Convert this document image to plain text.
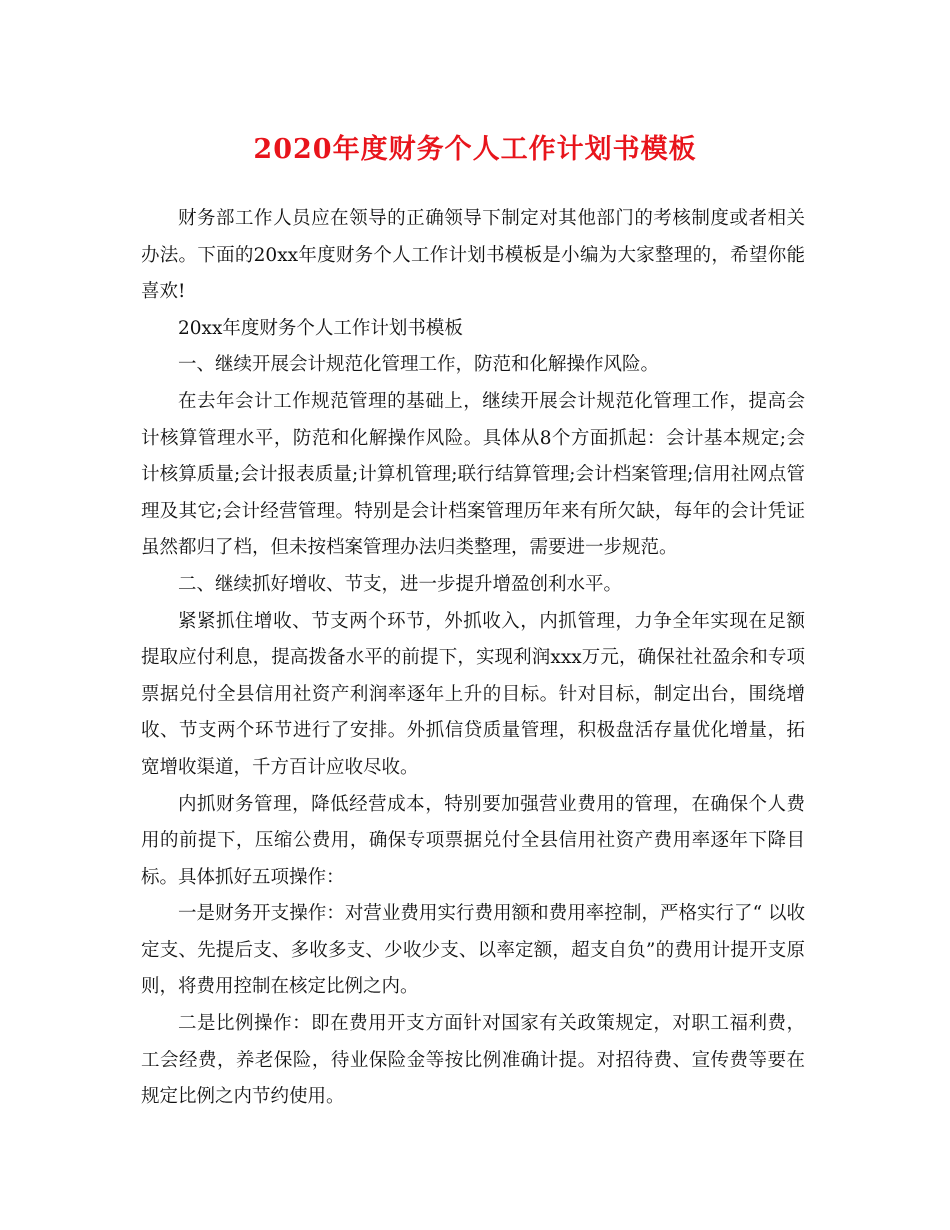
2020年度财务个人工作计划书模板

财务部工作人员应在领导的正确领导下制定对其他部门的考核制度或者相关办法。下面的20xx年度财务个人工作计划书模板是小编为大家整理的，希望你能喜欢!

20xx年度财务个人工作计划书模板

一、继续开展会计规范化管理工作，防范和化解操作风险。

在去年会计工作规范管理的基础上，继续开展会计规范化管理工作，提高会计核算管理水平，防范和化解操作风险。具体从8个方面抓起：会计基本规定;会计核算质量;会计报表质量;计算机管理;联行结算管理;会计档案管理;信用社网点管理及其它;会计经营管理。特别是会计档案管理历年来有所欠缺，每年的会计凭证虽然都归了档，但未按档案管理办法归类整理，需要进一步规范。

二、继续抓好增收、节支，进一步提升增盈创利水平。

紧紧抓住增收、节支两个环节，外抓收入，内抓管理，力争全年实现在足额提取应付利息，提高拨备水平的前提下，实现利润xxx万元，确保社社盈余和专项票据兑付全县信用社资产利润率逐年上升的目标。针对目标，制定出台，围绕增收、节支两个环节进行了安排。外抓信贷质量管理，积极盘活存量优化增量，拓宽增收渠道，千方百计应收尽收。

内抓财务管理，降低经营成本，特别要加强营业费用的管理，在确保个人费用的前提下，压缩公费用，确保专项票据兑付全县信用社资产费用率逐年下降目标。具体抓好五项操作：

一是财务开支操作：对营业费用实行费用额和费用率控制，严格实行了“ 以收定支、先提后支、多收多支、少收少支、以率定额，超支自负”的费用计提开支原则，将费用控制在核定比例之内。

二是比例操作：即在费用开支方面针对国家有关政策规定，对职工福利费，工会经费，养老保险，待业保险金等按比例准确计提。对招待费、宣传费等要在规定比例之内节约使用。
